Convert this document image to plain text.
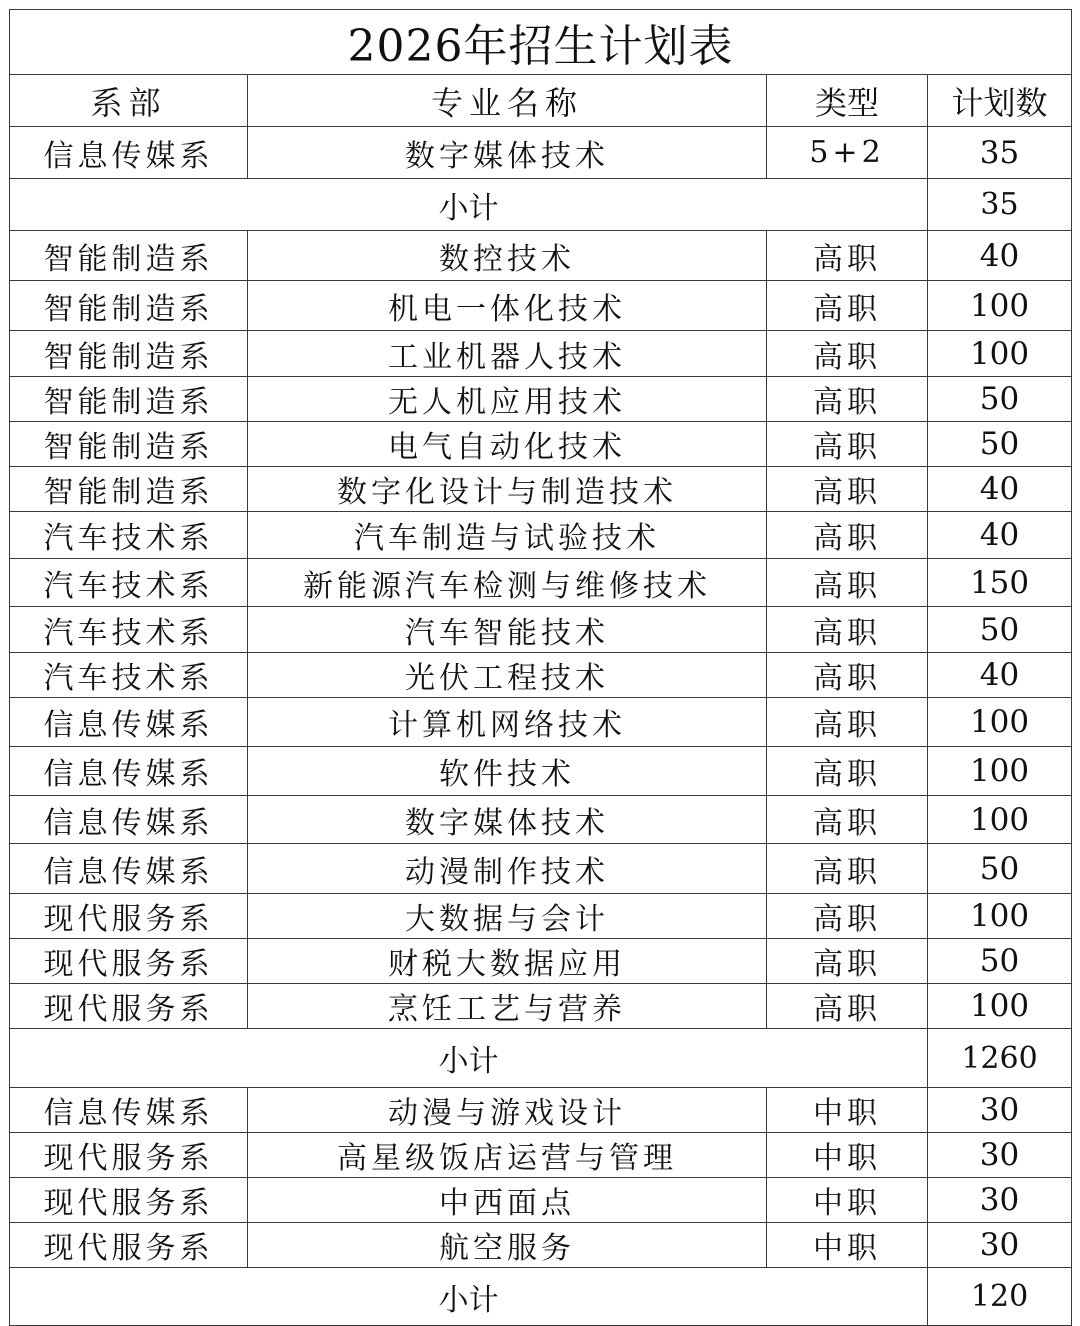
2026年招生计划表			
系部	专业名称	类型	计划数
信息传媒系	数字媒体技术	5+2	35
小计			35
智能制造系	数控技术	高职	40
智能制造系	机电一体化技术	高职	100
智能制造系	工业机器人技术	高职	100
智能制造系	无人机应用技术	高职	50
智能制造系	电气自动化技术	高职	50
智能制造系	数字化设计与制造技术	高职	40
汽车技术系	汽车制造与试验技术	高职	40
汽车技术系	新能源汽车检测与维修技术	高职	150
汽车技术系	汽车智能技术	高职	50
汽车技术系	光伏工程技术	高职	40
信息传媒系	计算机网络技术	高职	100
信息传媒系	软件技术	高职	100
信息传媒系	数字媒体技术	高职	100
信息传媒系	动漫制作技术	高职	50
现代服务系	大数据与会计	高职	100
现代服务系	财税大数据应用	高职	50
现代服务系	烹饪工艺与营养	高职	100
小计			1260
信息传媒系	动漫与游戏设计	中职	30
现代服务系	高星级饭店运营与管理	中职	30
现代服务系	中西面点	中职	30
现代服务系	航空服务	中职	30
小计			120
